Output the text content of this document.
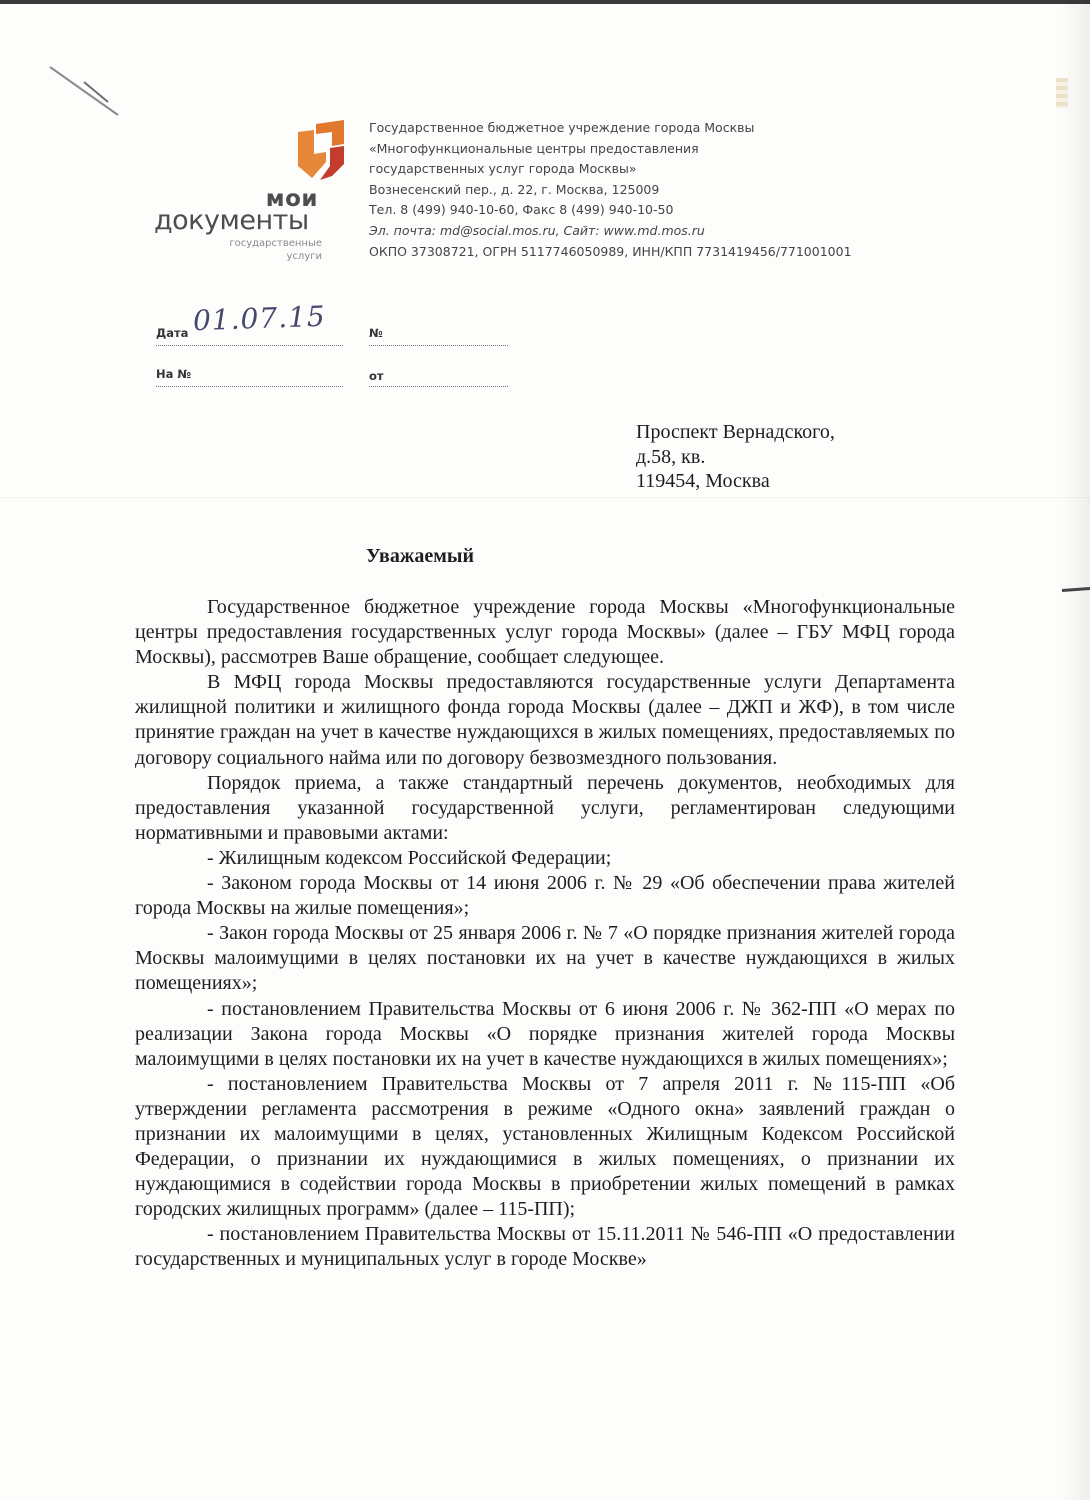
мои
документы
государственные
услуги
Государственное бюджетное учреждение города Москвы
«Многофункциональные центры предоставления
государственных услуг города Москвы»
Вознесенский пер., д. 22, г. Москва, 125009
Тел. 8 (499) 940-10-60, Факс 8 (499) 940-10-50
Эл. почта: md@social.mos.ru, Сайт: www.md.mos.ru
ОКПО 37308721, ОГРН 5117746050989, ИНН/КПП 7731419456/771001001
Дата 01.07.15	№
На №	от
Проспект Вернадского,
д.58, кв.
119454, Москва
Уважаемый

Государственное бюджетное учреждение города Москвы «Многофункциональные центры предоставления государственных услуг города Москвы» (далее – ГБУ МФЦ города Москвы), рассмотрев Ваше обращение, сообщает следующее.

В МФЦ города Москвы предоставляются государственные услуги Департамента жилищной политики и жилищного фонда города Москвы (далее – ДЖП и ЖФ), в том числе принятие граждан на учет в качестве нуждающихся в жилых помещениях, предоставляемых по договору социального найма или по договору безвозмездного пользования.

Порядок приема, а также стандартный перечень документов, необходимых для предоставления указанной государственной услуги, регламентирован следующими нормативными и правовыми актами:

- Жилищным кодексом Российской Федерации;

- Законом города Москвы от 14 июня 2006 г. № 29 «Об обеспечении права жителей города Москвы на жилые помещения»;

- Закон города Москвы от 25 января 2006 г. № 7 «О порядке признания жителей города Москвы малоимущими в целях постановки их на учет в качестве нуждающихся в жилых помещениях»;

- постановлением Правительства Москвы от 6 июня 2006 г. № 362-ПП «О мерах по реализации Закона города Москвы «О порядке признания жителей города Москвы малоимущими в целях постановки их на учет в качестве нуждающихся в жилых помещениях»;

- постановлением Правительства Москвы от 7 апреля 2011 г. №115-ПП «Об утверждении регламента рассмотрения в режиме «Одного окна» заявлений граждан о признании их малоимущими в целях, установленных Жилищным Кодексом Российской Федерации, о признании их нуждающимися в жилых помещениях, о признании их нуждающимися в содействии города Москвы в приобретении жилых помещений в рамках городских жилищных программ» (далее – 115-ПП);

- постановлением Правительства Москвы от 15.11.2011 № 546-ПП «О предоставлении государственных и муниципальных услуг в городе Москве»
